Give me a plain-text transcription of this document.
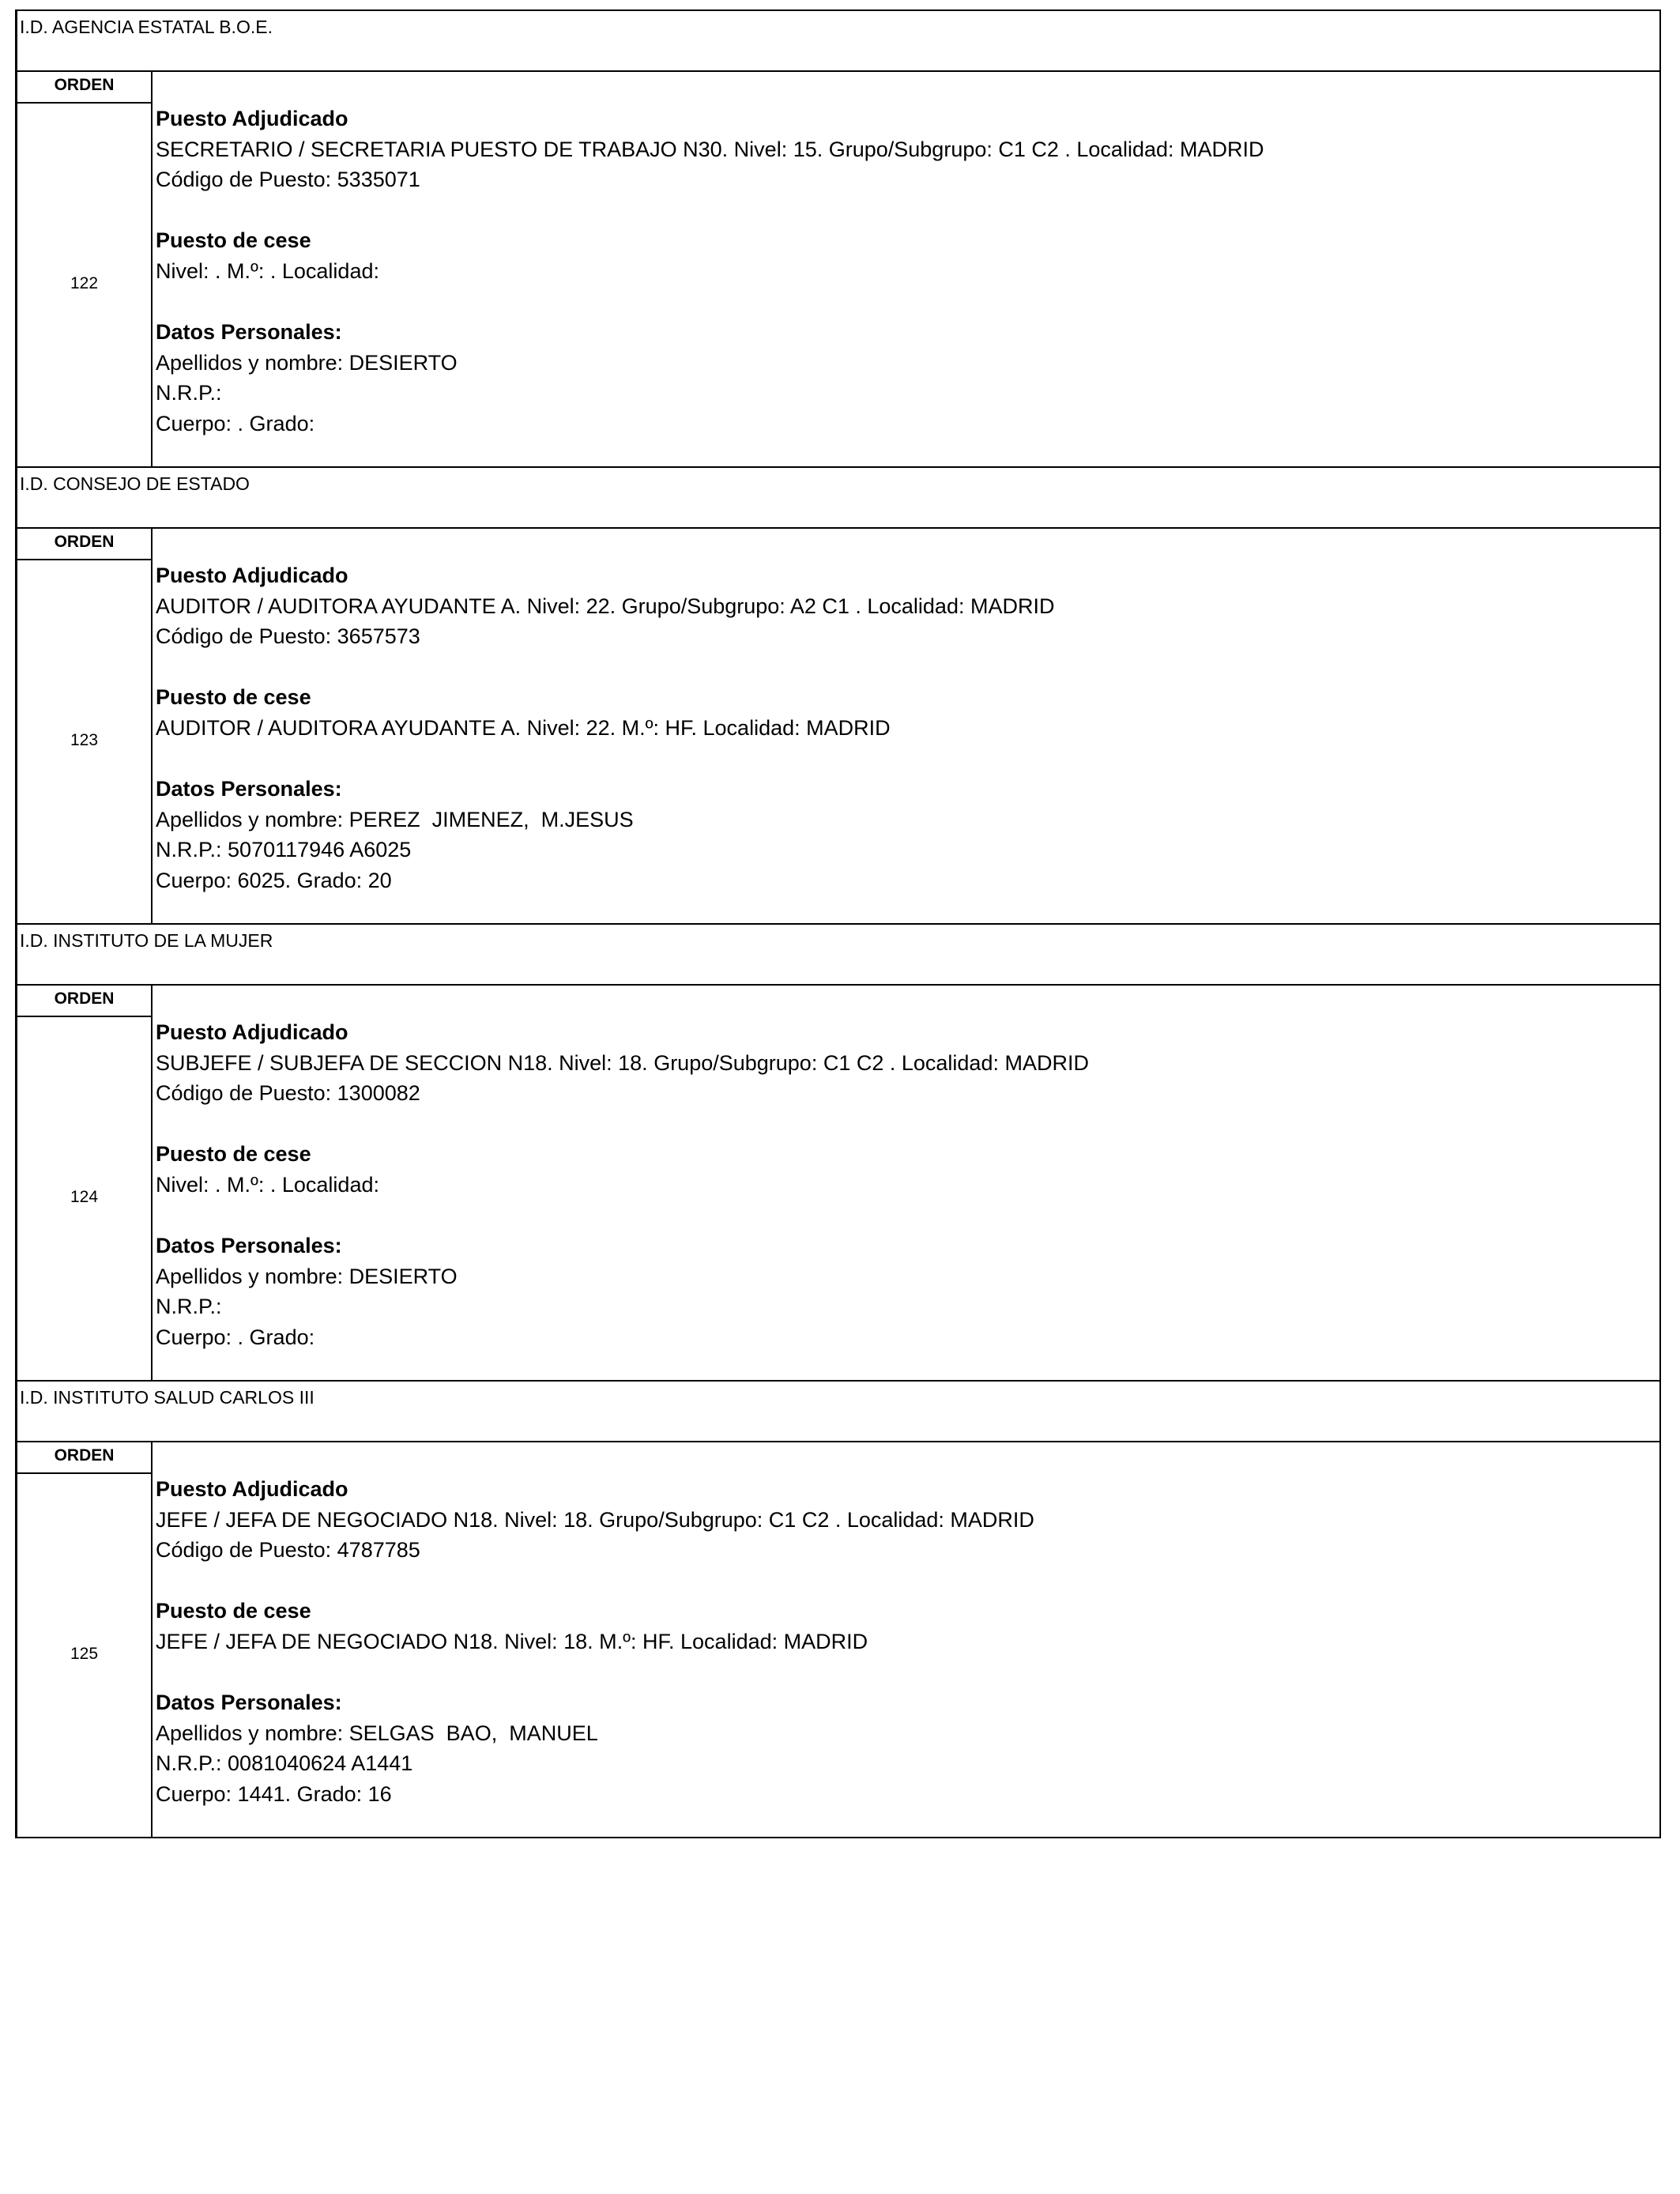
I.D. AGENCIA ESTATAL B.O.E.
ORDEN
122
Puesto Adjudicado
SECRETARIO / SECRETARIA PUESTO DE TRABAJO N30. Nivel: 15. Grupo/Subgrupo: C1 C2 . Localidad: MADRID
Código de Puesto: 5335071
Puesto de cese
Nivel: . M.º: . Localidad:
Datos Personales:
Apellidos y nombre: DESIERTO
N.R.P.:
Cuerpo: . Grado:
I.D. CONSEJO DE ESTADO
ORDEN
123
Puesto Adjudicado
AUDITOR / AUDITORA AYUDANTE A. Nivel: 22. Grupo/Subgrupo: A2 C1 . Localidad: MADRID
Código de Puesto: 3657573
Puesto de cese
AUDITOR / AUDITORA AYUDANTE A. Nivel: 22. M.º: HF. Localidad: MADRID
Datos Personales:
Apellidos y nombre: PEREZ  JIMENEZ,  M.JESUS
N.R.P.: 5070117946 A6025
Cuerpo: 6025. Grado: 20
I.D. INSTITUTO DE LA MUJER
ORDEN
124
Puesto Adjudicado
SUBJEFE / SUBJEFA DE SECCION N18. Nivel: 18. Grupo/Subgrupo: C1 C2 . Localidad: MADRID
Código de Puesto: 1300082
Puesto de cese
Nivel: . M.º: . Localidad:
Datos Personales:
Apellidos y nombre: DESIERTO
N.R.P.:
Cuerpo: . Grado:
I.D. INSTITUTO SALUD CARLOS III
ORDEN
125
Puesto Adjudicado
JEFE / JEFA DE NEGOCIADO N18. Nivel: 18. Grupo/Subgrupo: C1 C2 . Localidad: MADRID
Código de Puesto: 4787785
Puesto de cese
JEFE / JEFA DE NEGOCIADO N18. Nivel: 18. M.º: HF. Localidad: MADRID
Datos Personales:
Apellidos y nombre: SELGAS  BAO,  MANUEL
N.R.P.: 0081040624 A1441
Cuerpo: 1441. Grado: 16
